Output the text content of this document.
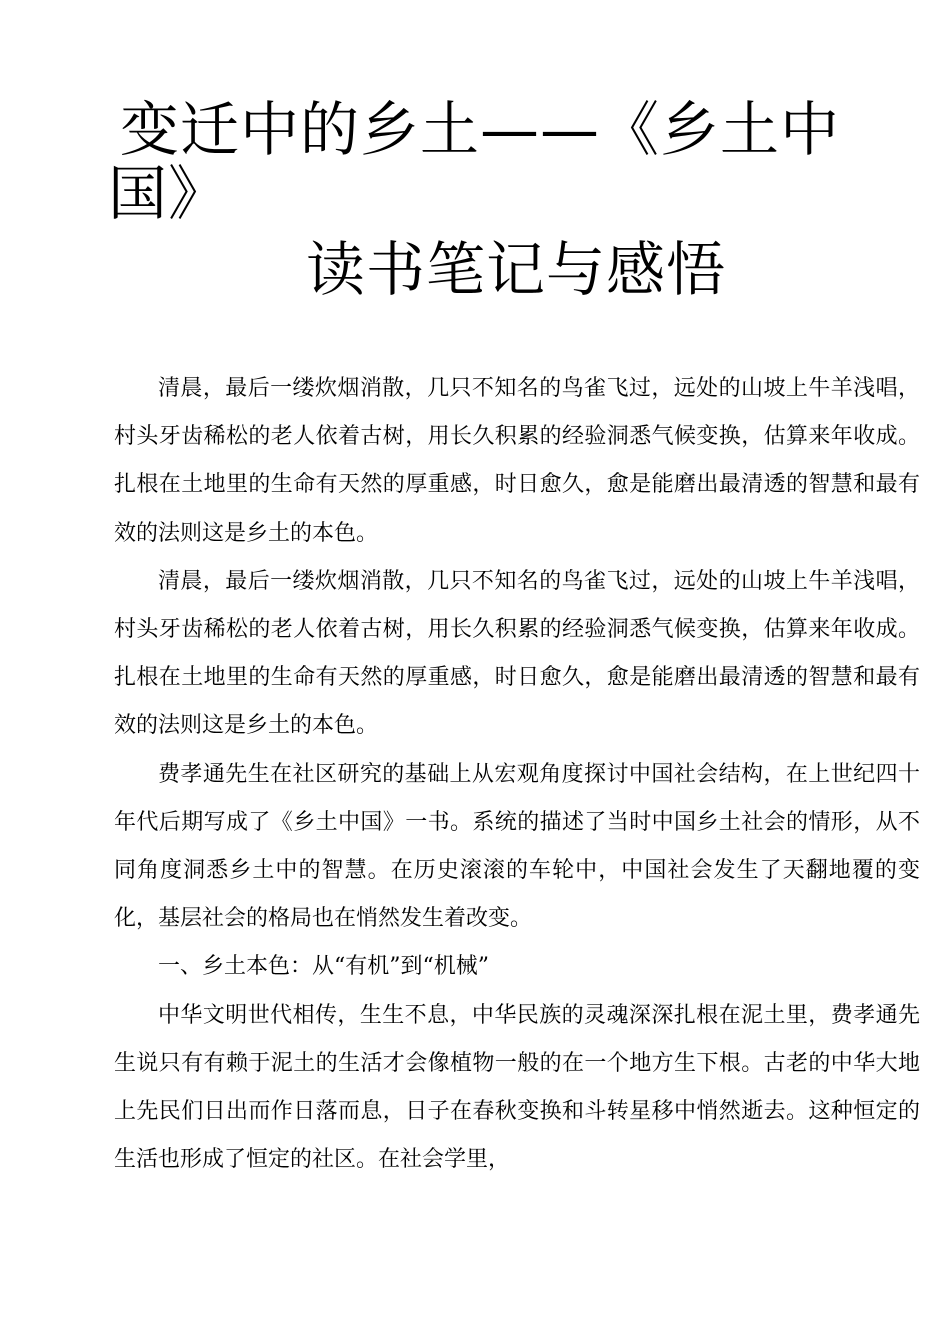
变迁中的乡土——《乡土中
国》
读书笔记与感悟

清晨，最后一缕炊烟消散，几只不知名的鸟雀飞过，远处的山坡上牛羊浅唱，村头牙齿稀松的老人依着古树，用长久积累的经验洞悉气候变换，估算来年收成。扎根在土地里的生命有天然的厚重感，时日愈久，愈是能磨出最清透的智慧和最有效的法则这是乡土的本色。

清晨，最后一缕炊烟消散，几只不知名的鸟雀飞过，远处的山坡上牛羊浅唱，村头牙齿稀松的老人依着古树，用长久积累的经验洞悉气候变换，估算来年收成。扎根在土地里的生命有天然的厚重感，时日愈久，愈是能磨出最清透的智慧和最有效的法则这是乡土的本色。

费孝通先生在社区研究的基础上从宏观角度探讨中国社会结构，在上世纪四十年代后期写成了《乡土中国》一书。系统的描述了当时中国乡土社会的情形，从不同角度洞悉乡土中的智慧。在历史滚滚的车轮中，中国社会发生了天翻地覆的变化，基层社会的格局也在悄然发生着改变。

一、乡土本色：从“有机”到“机械”

中华文明世代相传，生生不息，中华民族的灵魂深深扎根在泥土里，费孝通先生说只有有赖于泥土的生活才会像植物一般的在一个地方生下根。古老的中华大地上先民们日出而作日落而息，日子在春秋变换和斗转星移中悄然逝去。这种恒定的生活也形成了恒定的社区。在社会学里，
